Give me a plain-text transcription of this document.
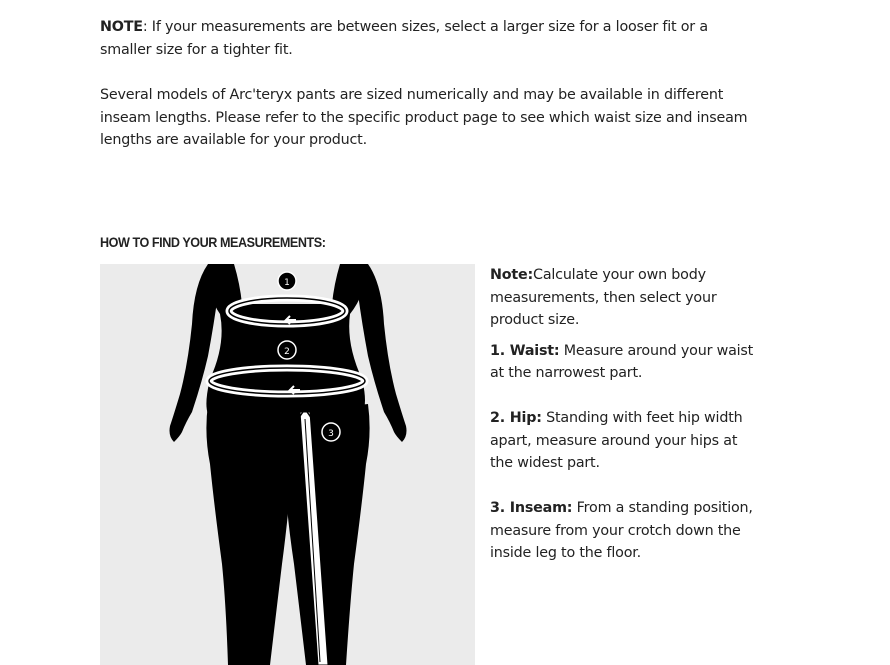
NOTE: If your measurements are between sizes, select a larger size for a looser fit or a smaller size for a tighter fit.

Several models of Arc'teryx pants are sized numerically and may be available in different inseam lengths. Please refer to the specific product page to see which waist size and inseam lengths are available for your product.

HOW TO FIND YOUR MEASUREMENTS:
1
2
3

Note:Calculate your own body measurements, then select your product size.

1. Waist: Measure around your waist at the narrowest part.

2. Hip: Standing with feet hip width apart, measure around your hips at the widest part.

3. Inseam: From a standing position, measure from your crotch down the inside leg to the floor.
